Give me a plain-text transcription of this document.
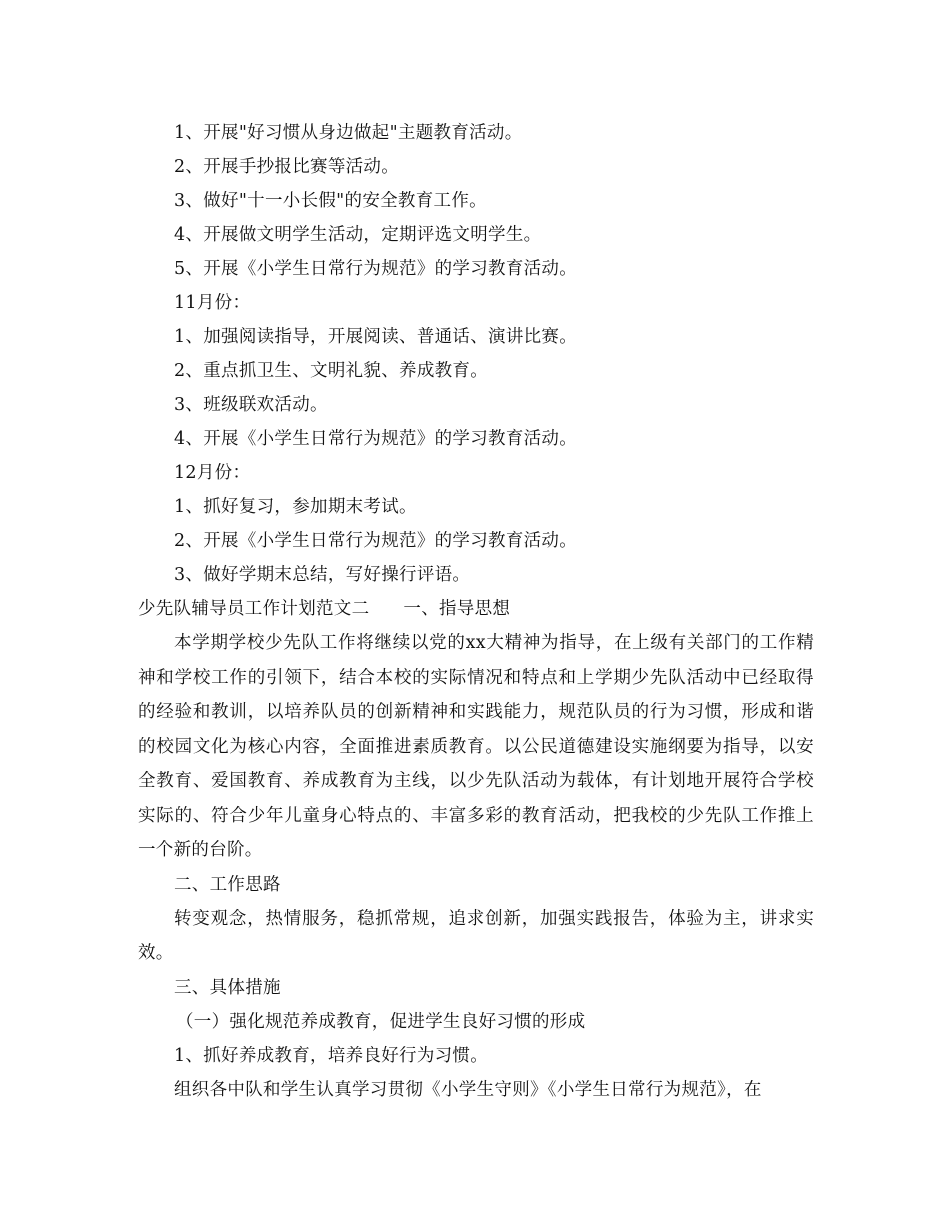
1、开展"好习惯从身边做起"主题教育活动。
2、开展手抄报比赛等活动。
3、做好"十一小长假"的安全教育工作。
4、开展做文明学生活动，定期评选文明学生。
5、开展《小学生日常行为规范》的学习教育活动。
11月份：
1、加强阅读指导，开展阅读、普通话、演讲比赛。
2、重点抓卫生、文明礼貌、养成教育。
3、班级联欢活动。
4、开展《小学生日常行为规范》的学习教育活动。
12月份：
1、抓好复习，参加期末考试。
2、开展《小学生日常行为规范》的学习教育活动。
3、做好学期末总结，写好操行评语。
少先队辅导员工作计划范文二 一、指导思想

本学期学校少先队工作将继续以党的xx大精神为指导，在上级有关部门的工作精神和学校工作的引领下，结合本校的实际情况和特点和上学期少先队活动中已经取得的经验和教训，以培养队员的创新精神和实践能力，规范队员的行为习惯，形成和谐的校园文化为核心内容，全面推进素质教育。以公民道德建设实施纲要为指导，以安全教育、爱国教育、养成教育为主线，以少先队活动为载体，有计划地开展符合学校实际的、符合少年儿童身心特点的、丰富多彩的教育活动，把我校的少先队工作推上一个新的台阶。

二、工作思路

转变观念，热情服务，稳抓常规，追求创新，加强实践报告，体验为主，讲求实效。

三、具体措施
（一）强化规范养成教育，促进学生良好习惯的形成
1、抓好养成教育，培养良好行为习惯。
组织各中队和学生认真学习贯彻《小学生守则》《小学生日常行为规范》，在
